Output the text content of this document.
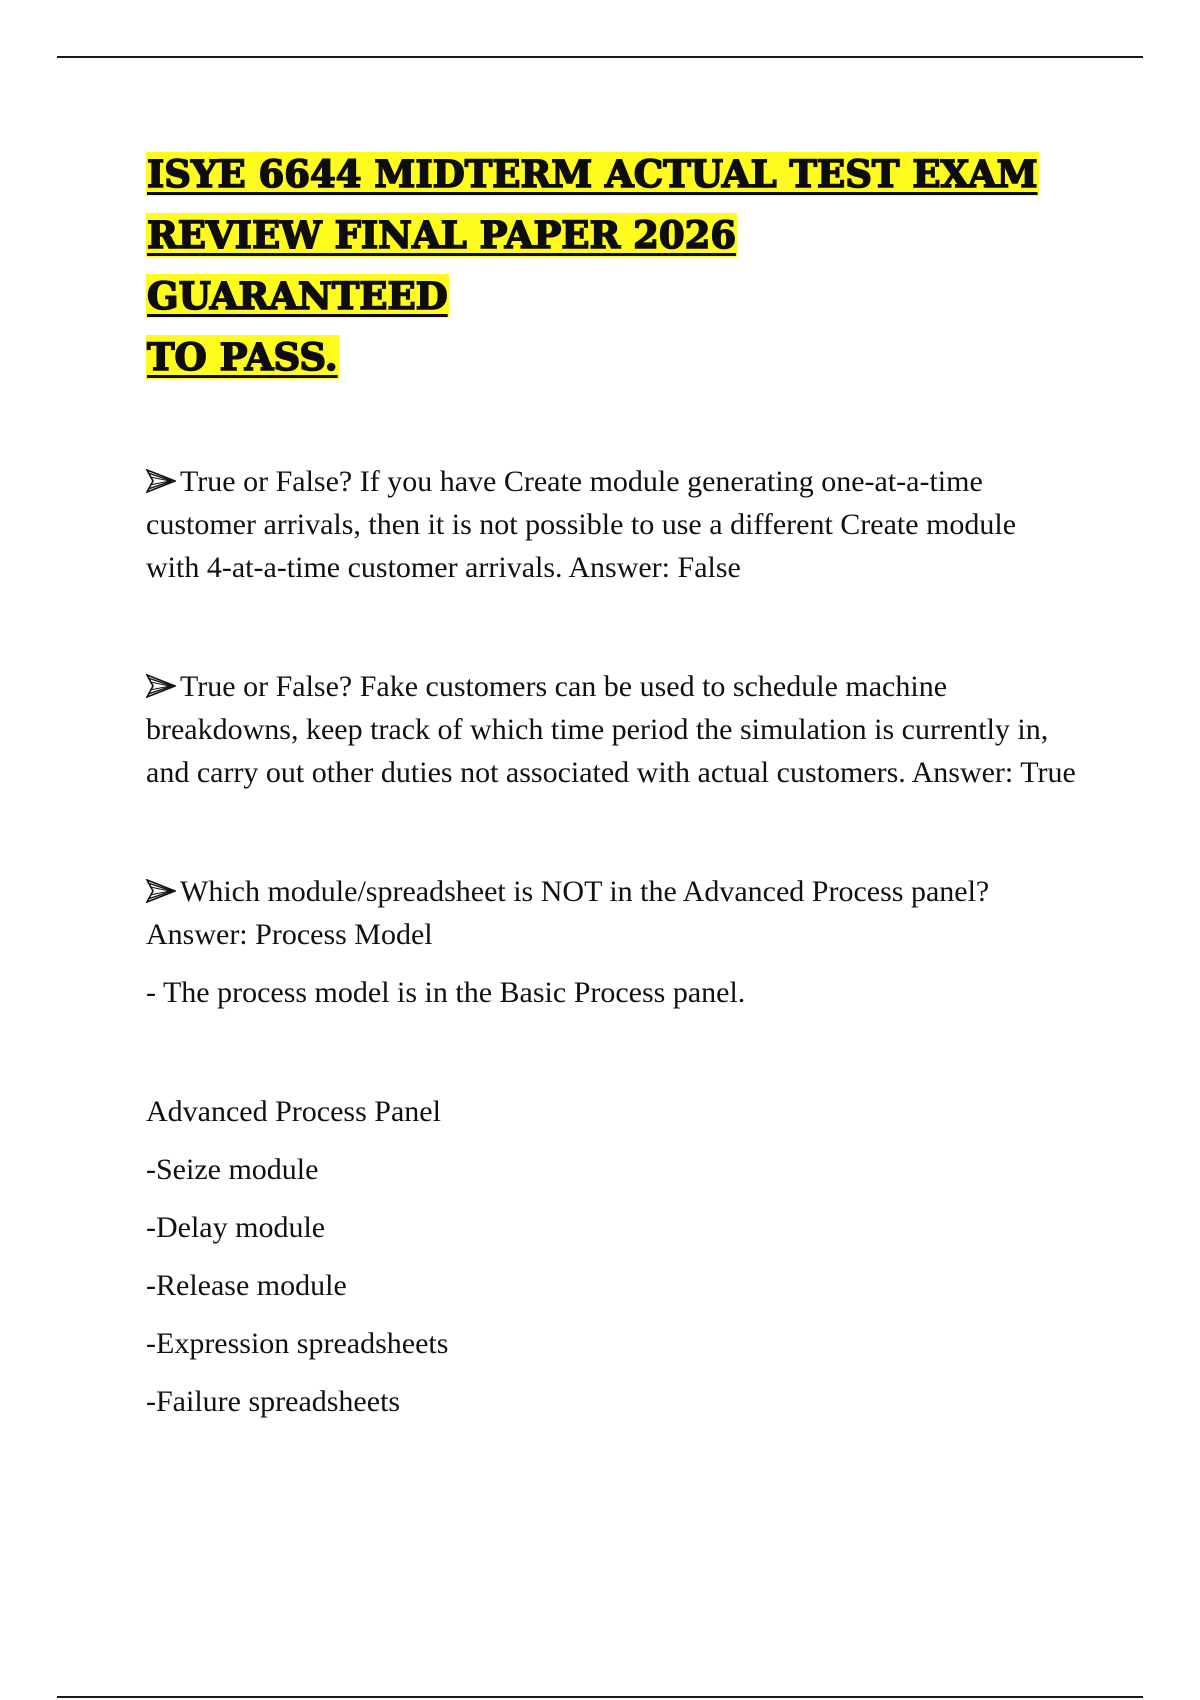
ISYE 6644 MIDTERM ACTUAL TEST EXAM
REVIEW FINAL PAPER 2026 GUARANTEED
TO PASS.

True or False? If you have Create module generating one-at-a-time customer arrivals, then it is not possible to use a different Create module with 4-at-a-time customer arrivals. Answer: False

True or False? Fake customers can be used to schedule machine breakdowns, keep track of which time period the simulation is currently in, and carry out other duties not associated with actual customers. Answer: True

Which module/spreadsheet is NOT in the Advanced Process panel? Answer: Process Model

- The process model is in the Basic Process panel.

Advanced Process Panel

-Seize module

-Delay module

-Release module

-Expression spreadsheets

-Failure spreadsheets
